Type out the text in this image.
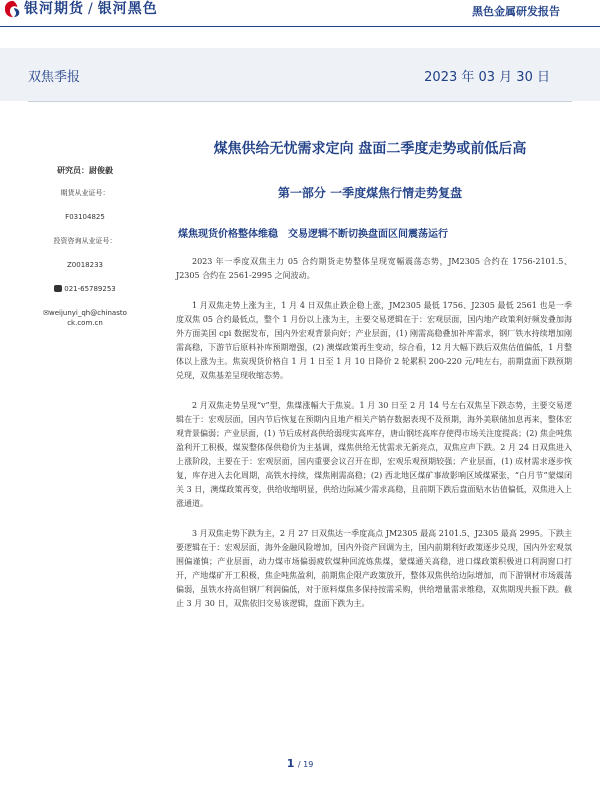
银河期货 / 银河黑色	黑色金属研发报告
双焦季报	2023 年 03 月 30 日
煤焦供给无忧需求定向 盘面二季度走势或前低后高
第一部分 一季度煤焦行情走势复盘
研究员：尉俊毅
期货从业证号：
F03104825
投资咨询从业证号：
Z0018233
021-65789253
✉weijunyi_qh@chinasto
ck.com.cn
煤焦现货价格整体维稳　交易逻辑不断切换盘面区间震荡运行

2023 年一季度双焦主力 05 合约期货走势整体呈现宽幅震荡态势，JM2305 合约在 1756-2101.5、J2305 合约在 2561-2995 之间波动。

1 月双焦走势上涨为主，1 月 4 日双焦止跌企稳上涨，JM2305 最低 1756、J2305 最低 2561 也是一季度双焦 05 合约最低点，整个 1 月份以上涨为主，主要交易逻辑在于：宏观层面，国内地产政策利好频发叠加海外方面美国 cpi 数据发布，国内外宏观背景向好；产业层面，(1) 刚需高稳叠加补库需求，钢厂铁水持续增加刚需高稳，下游节后原料补库预期增强，(2) 澳煤政策再生变动，综合看，12 月大幅下跌后双焦估值偏低，1 月整体以上涨为主。焦炭现货价格自 1 月 1 日至 1 月 10 日降价 2 轮累积 200-220 元/吨左右，前期盘面下跌预期兑现，双焦基差呈现收缩态势。

2 月双焦走势呈现“v”型，焦煤涨幅大于焦炭。1 月 30 日至 2 月 14 号左右双焦呈下跌态势，主要交易逻辑在于：宏观层面，国内节后恢复在预期内且地产相关产销存数据表现不及预期，海外美联储加息再来，整体宏观背景偏弱；产业层面，(1) 节后成材高供给弱现实高库存，唐山钢坯高库存使得市场关注度提高；(2) 焦企吨焦盈利开工积极，煤炭整体保供稳价为主基调，煤焦供给无忧需求无新亮点，双焦应声下跌。2 月 24 日双焦进入上涨阶段，主要在于：宏观层面，国内重要会议召开在即，宏观乐观预期较强；产业层面，(1) 成材需求逐步恢复，库存进入去化周期，高铁水持续，煤焦刚需高稳；(2) 西北地区煤矿事故影响区域煤紧张，“白月节”蒙煤闭关 3 日，澳煤政策再变，供给收缩明显，供给边际减少需求高稳，且前期下跌后盘面贴水估值偏低，双焦进入上涨通道。

3 月双焦走势下跌为主，2 月 27 日双焦达一季度高点 JM2305 最高 2101.5、J2305 最高 2995。下跌主要逻辑在于：宏观层面，海外金融风险增加，国内外资产回调为主，国内前期利好政策逐步兑现，国内外宏观氛围偏谨慎；产业层面，动力煤市场偏弱疲软煤种回流炼焦煤，蒙煤通关高稳，进口煤政策积极进口利润窗口打开，产地煤矿开工积极，焦企吨焦盈利，前期焦企限产政策放开，整体双焦供给边际增加，而下游钢材市场震荡偏弱，虽铁水持高但钢厂利润偏低，对于原料煤焦多保持按需采购，供给增量需求维稳，双焦期现共振下跌。截止 3 月 30 日，双焦依旧交易该逻辑，盘面下跌为主。

1 / 19
